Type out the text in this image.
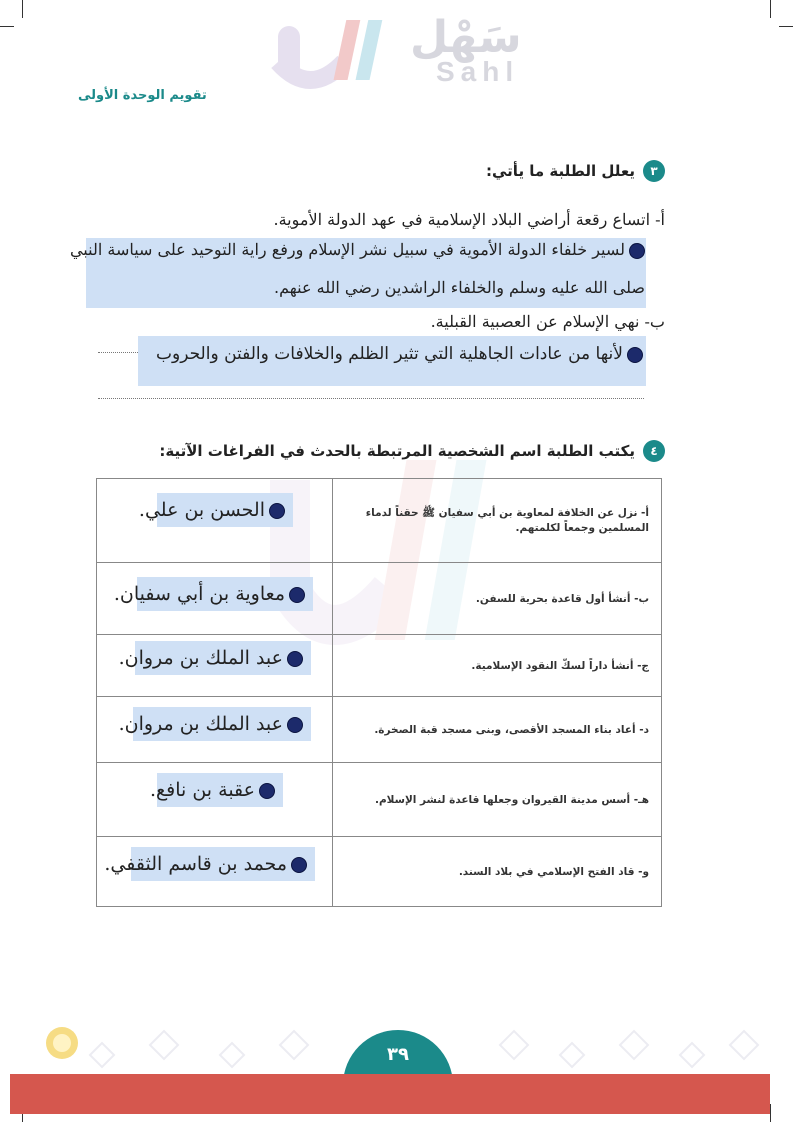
سَهْل
Sahl
تقويم الوحدة الأولى
٣
يعلل الطلبة ما يأتي:
أ- اتساع رقعة أراضي البلاد الإسلامية في عهد الدولة الأموية.
لسير خلفاء الدولة الأموية في سبيل نشر الإسلام ورفع راية التوحيد على سياسة النبي
صلى الله عليه وسلم والخلفاء الراشدين رضي الله عنهم.
ب- نهي الإسلام عن العصبية القبلية.
لأنها من عادات الجاهلية التي تثير الظلم والخلافات والفتن والحروب
٤
يكتب الطلبة اسم الشخصية المرتبطة بالحدث في الفراغات الآتية:
الحسن بن علي.	أ- نزل عن الخلافة لمعاوية بن أبي سفيان ﷺ حقناً لدماء المسلمين وجمعاً لكلمتهم.

معاوية بن أبي سفيان.	ب- أنشأ أول قاعدة بحرية للسفن.

عبد الملك بن مروان.	ج- أنشأ داراً لسكّ النقود الإسلامية.

عبد الملك بن مروان.	د- أعاد بناء المسجد الأقصى، وبنى مسجد قبة الصخرة.

عقبة بن نافع.	هـ- أسس مدينة القيروان وجعلها قاعدة لنشر الإسلام.

محمد بن قاسم الثقفي.	و- قاد الفتح الإسلامي في بلاد السند.
٣٩
